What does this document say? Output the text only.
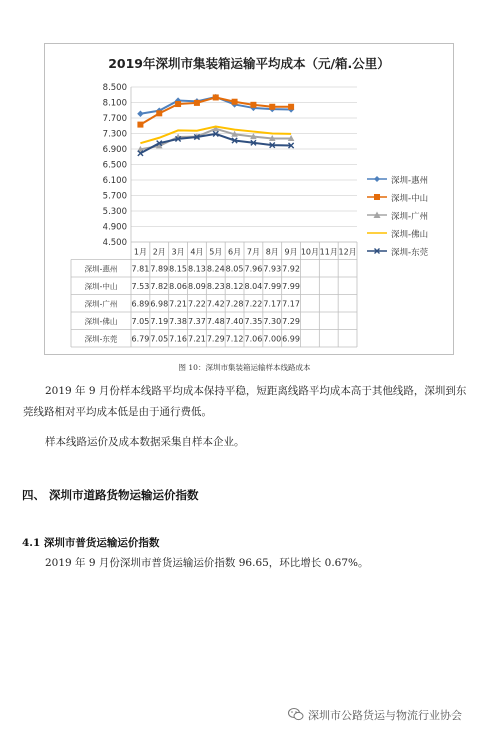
2019年深圳市集装箱运输平均成本（元/箱.公里）
8.500
8.100
7.700
7.300
6.900
6.500
6.100
5.700
5.300
4.900
4.500
1月 2月 3月 4月 5月 6月 7月 8月 9月 10月 11月 12月
深圳-惠州 7.81 7.89 8.15 8.13 8.24 8.05 7.96 7.93 7.92
深圳-中山 7.53 7.82 8.06 8.09 8.23 8.12 8.04 7.99 7.99
深圳-广州 6.89 6.98 7.21 7.22 7.42 7.28 7.22 7.17 7.17
深圳-佛山 7.05 7.19 7.38 7.37 7.48 7.40 7.35 7.30 7.29
深圳-东莞 6.79 7.05 7.16 7.21 7.29 7.12 7.06 7.00 6.99
深圳-惠州
深圳-中山
深圳-广州
深圳-佛山
深圳-东莞
图 10：深圳市集装箱运输样本线路成本
2019 年 9 月份样本线路平均成本保持平稳，短距离线路平均成本高于其他线路，深圳到东莞线路相对平均成本低是由于通行费低。
样本线路运价及成本数据采集自样本企业。
四、 深圳市道路货物运输运价指数
4.1 深圳市普货运输运价指数
2019 年 9 月份深圳市普货运输运价指数 96.65，环比增长 0.67%。
深圳市公路货运与物流行业协会
